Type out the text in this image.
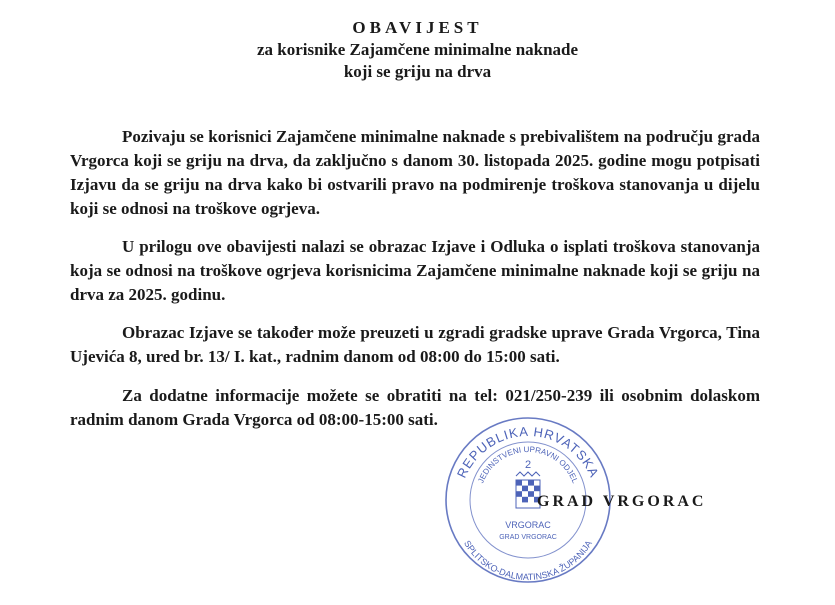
OBAVIJEST
za korisnike Zajamčene minimalne naknade
koji se griju na drva

Pozivaju se korisnici Zajamčene minimalne naknade s prebivalištem na području grada Vrgorca koji se griju na drva, da zaključno s danom 30. listopada 2025. godine mogu potpisati Izjavu da se griju na drva kako bi ostvarili pravo na podmirenje troškova stanovanja u dijelu koji se odnosi na troškove ogrjeva.

U prilogu ove obavijesti nalazi se obrazac Izjave i Odluka o isplati troškova stanovanja koja se odnosi na troškove ogrjeva korisnicima Zajamčene minimalne naknade koji se griju na drva za 2025. godinu.

Obrazac Izjave se također može preuzeti u zgradi gradske uprave Grada Vrgorca, Tina Ujevića 8, ured br. 13/ I. kat., radnim danom od 08:00 do 15:00 sati.

Za dodatne informacije možete se obratiti na tel: 021/250-239 ili osobnim dolaskom radnim danom Grada Vrgorca od 08:00-15:00 sati.

REPUBLIKA HRVATSKA
JEDINSTVENI UPRAVNI ODJEL
2
VRGORAC
GRAD VRGORAC
SPLITSKO-DALMATINSKA ŽUPANIJA
GRAD VRGORAC
